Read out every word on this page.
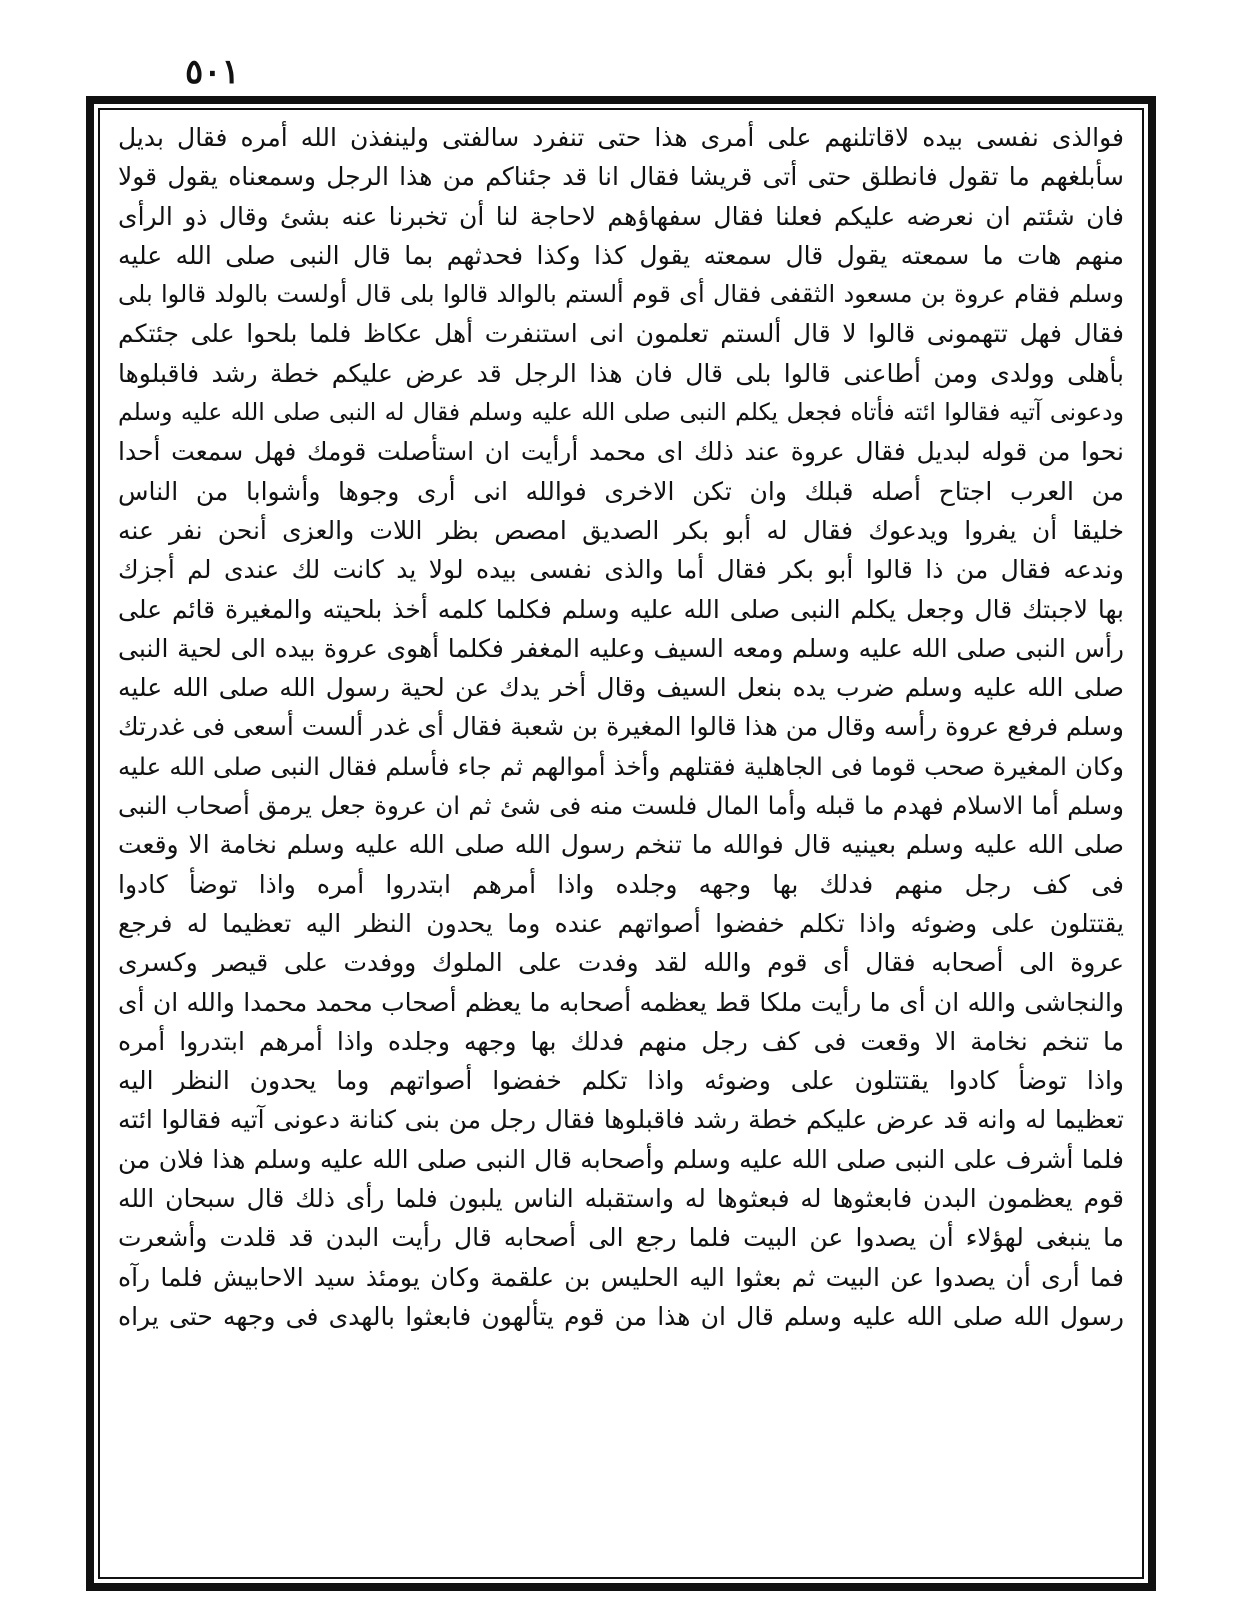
٥٠١
فوالذى نفسى بيده لاقاتلنهم على أمرى هذا حتى تنفرد سالفتى ولينفذن الله أمره فقال بديل
سأبلغهم ما تقول فانطلق حتى أتى قريشا فقال انا قد جئناكم من هذا الرجل وسمعناه يقول قولا
فان شئتم ان نعرضه عليكم فعلنا فقال سفهاؤهم لاحاجة لنا أن تخبرنا عنه بشئ وقال ذو الرأى
منهم هات ما سمعته يقول قال سمعته يقول كذا وكذا فحدثهم بما قال النبى صلى الله عليه
وسلم فقام عروة بن مسعود الثقفى فقال أى قوم ألستم بالوالد قالوا بلى قال أولست بالولد قالوا بلى
فقال فهل تتهمونى قالوا لا قال ألستم تعلمون انى استنفرت أهل عكاظ فلما بلحوا على جئتكم
بأهلى وولدى ومن أطاعنى قالوا بلى قال فان هذا الرجل قد عرض عليكم خطة رشد فاقبلوها
ودعونى آتيه فقالوا ائته فأتاه فجعل يكلم النبى صلى الله عليه وسلم فقال له النبى صلى الله عليه وسلم
نحوا من قوله لبديل فقال عروة عند ذلك اى محمد أرأيت ان استأصلت قومك فهل سمعت أحدا
من العرب اجتاح أصله قبلك وان تكن الاخرى فوالله انى أرى وجوها وأشوابا من الناس
خليقا أن يفروا ويدعوك فقال له أبو بكر الصديق امصص بظر اللات والعزى أنحن نفر عنه
وندعه فقال من ذا قالوا أبو بكر فقال أما والذى نفسى بيده لولا يد كانت لك عندى لم أجزك
بها لاجبتك قال وجعل يكلم النبى صلى الله عليه وسلم فكلما كلمه أخذ بلحيته والمغيرة قائم على
رأس النبى صلى الله عليه وسلم ومعه السيف وعليه المغفر فكلما أهوى عروة بيده الى لحية النبى
صلى الله عليه وسلم ضرب يده بنعل السيف وقال أخر يدك عن لحية رسول الله صلى الله عليه
وسلم فرفع عروة رأسه وقال من هذا قالوا المغيرة بن شعبة فقال أى غدر ألست أسعى فى غدرتك
وكان المغيرة صحب قوما فى الجاهلية فقتلهم وأخذ أموالهم ثم جاء فأسلم فقال النبى صلى الله عليه
وسلم أما الاسلام فهدم ما قبله وأما المال فلست منه فى شئ ثم ان عروة جعل يرمق أصحاب النبى
صلى الله عليه وسلم بعينيه قال فوالله ما تنخم رسول الله صلى الله عليه وسلم نخامة الا وقعت
فى كف رجل منهم فدلك بها وجهه وجلده واذا أمرهم ابتدروا أمره واذا توضأ كادوا
يقتتلون على وضوئه واذا تكلم خفضوا أصواتهم عنده وما يحدون النظر اليه تعظيما له فرجع
عروة الى أصحابه فقال أى قوم والله لقد وفدت على الملوك ووفدت على قيصر وكسرى
والنجاشى والله ان أى ما رأيت ملكا قط يعظمه أصحابه ما يعظم أصحاب محمد محمدا والله ان أى
ما تنخم نخامة الا وقعت فى كف رجل منهم فدلك بها وجهه وجلده واذا أمرهم ابتدروا أمره
واذا توضأ كادوا يقتتلون على وضوئه واذا تكلم خفضوا أصواتهم وما يحدون النظر اليه
تعظيما له وانه قد عرض عليكم خطة رشد فاقبلوها فقال رجل من بنى كنانة دعونى آتيه فقالوا ائته
فلما أشرف على النبى صلى الله عليه وسلم وأصحابه قال النبى صلى الله عليه وسلم هذا فلان من
قوم يعظمون البدن فابعثوها له فبعثوها له واستقبله الناس يلبون فلما رأى ذلك قال سبحان الله
ما ينبغى لهؤلاء أن يصدوا عن البيت فلما رجع الى أصحابه قال رأيت البدن قد قلدت وأشعرت
فما أرى أن يصدوا عن البيت ثم بعثوا اليه الحليس بن علقمة وكان يومئذ سيد الاحابيش فلما رآه
رسول الله صلى الله عليه وسلم قال ان هذا من قوم يتألهون فابعثوا بالهدى فى وجهه حتى يراه
